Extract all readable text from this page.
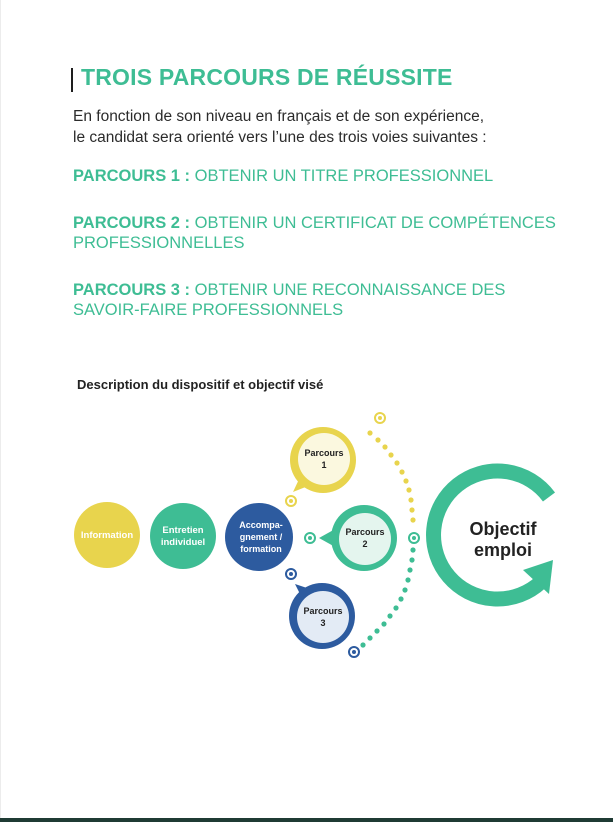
TROIS PARCOURS DE RÉUSSITE
En fonction de son niveau en français et de son expérience,
le candidat sera orienté vers l’une des trois voies suivantes :
PARCOURS 1 : OBTENIR UN TITRE PROFESSIONNEL
PARCOURS 2 : OBTENIR UN CERTIFICAT DE COMPÉTENCES PROFESSIONNELLES
PARCOURS 3 : OBTENIR UNE RECONNAISSANCE DES SAVOIR-FAIRE PROFESSIONNELS
Description du dispositif et objectif visé
Information	Entretien
individuel
Accompa-
gnement /
formation
Parcours
1
Parcours
2
Parcours
3
Objectif
emploi
